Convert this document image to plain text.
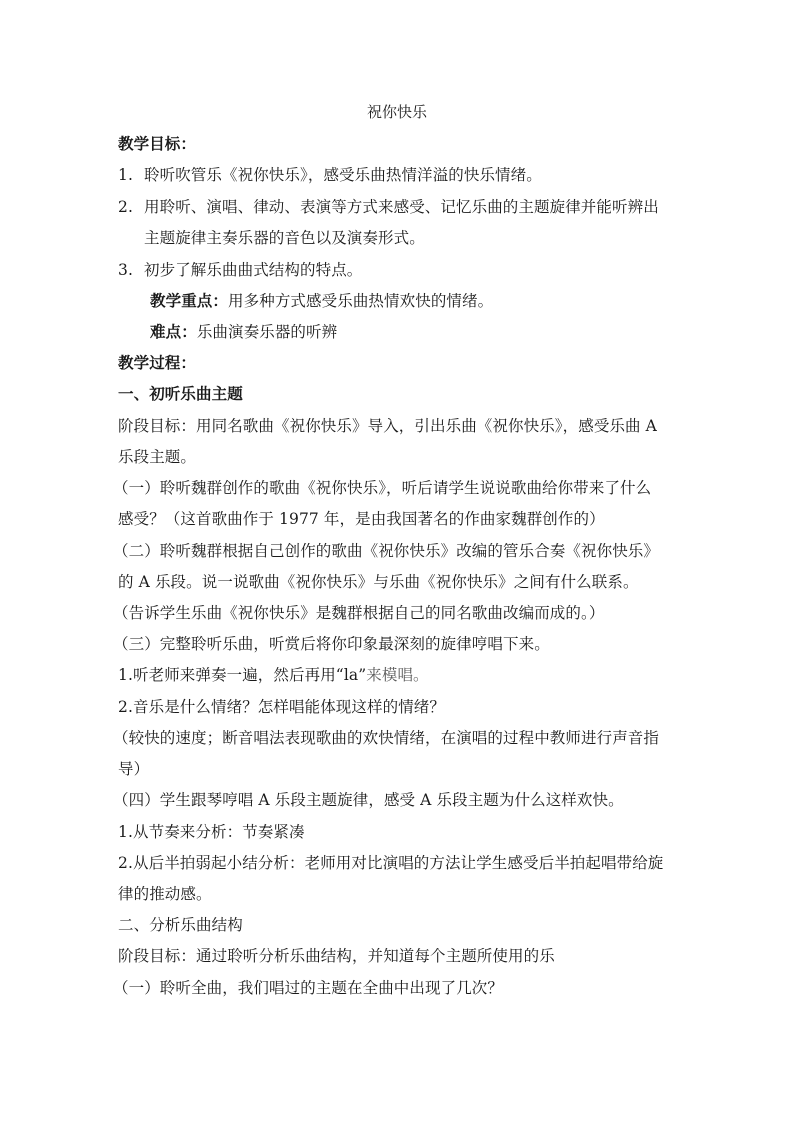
祝你快乐
教学目标：
1. 聆听吹管乐《祝你快乐》，感受乐曲热情洋溢的快乐情绪。
2. 用聆听、演唱、律动、表演等方式来感受、记忆乐曲的主题旋律并能听辨出
主题旋律主奏乐器的音色以及演奏形式。
3. 初步了解乐曲曲式结构的特点。
教学重点：用多种方式感受乐曲热情欢快的情绪。
难点：乐曲演奏乐器的听辨
教学过程：
一、初听乐曲主题
阶段目标：用同名歌曲《祝你快乐》导入，引出乐曲《祝你快乐》，感受乐曲 A
乐段主题。
（一）聆听魏群创作的歌曲《祝你快乐》，听后请学生说说歌曲给你带来了什么
感受？（这首歌曲作于 1977 年，是由我国著名的作曲家魏群创作的）
（二）聆听魏群根据自己创作的歌曲《祝你快乐》改编的管乐合奏《祝你快乐》
的 A 乐段。说一说歌曲《祝你快乐》与乐曲《祝你快乐》之间有什么联系。
（告诉学生乐曲《祝你快乐》是魏群根据自己的同名歌曲改编而成的。）
（三）完整聆听乐曲，听赏后将你印象最深刻的旋律哼唱下来。
1.听老师来弹奏一遍，然后再用“la”来模唱。
2.音乐是什么情绪？怎样唱能体现这样的情绪？
（较快的速度；断音唱法表现歌曲的欢快情绪，在演唱的过程中教师进行声音指
导）
（四）学生跟琴哼唱 A 乐段主题旋律，感受 A 乐段主题为什么这样欢快。
1.从节奏来分析：节奏紧凑
2.从后半拍弱起小结分析：老师用对比演唱的方法让学生感受后半拍起唱带给旋
律的推动感。
二、分析乐曲结构
阶段目标：通过聆听分析乐曲结构，并知道每个主题所使用的乐
（一）聆听全曲，我们唱过的主题在全曲中出现了几次？
